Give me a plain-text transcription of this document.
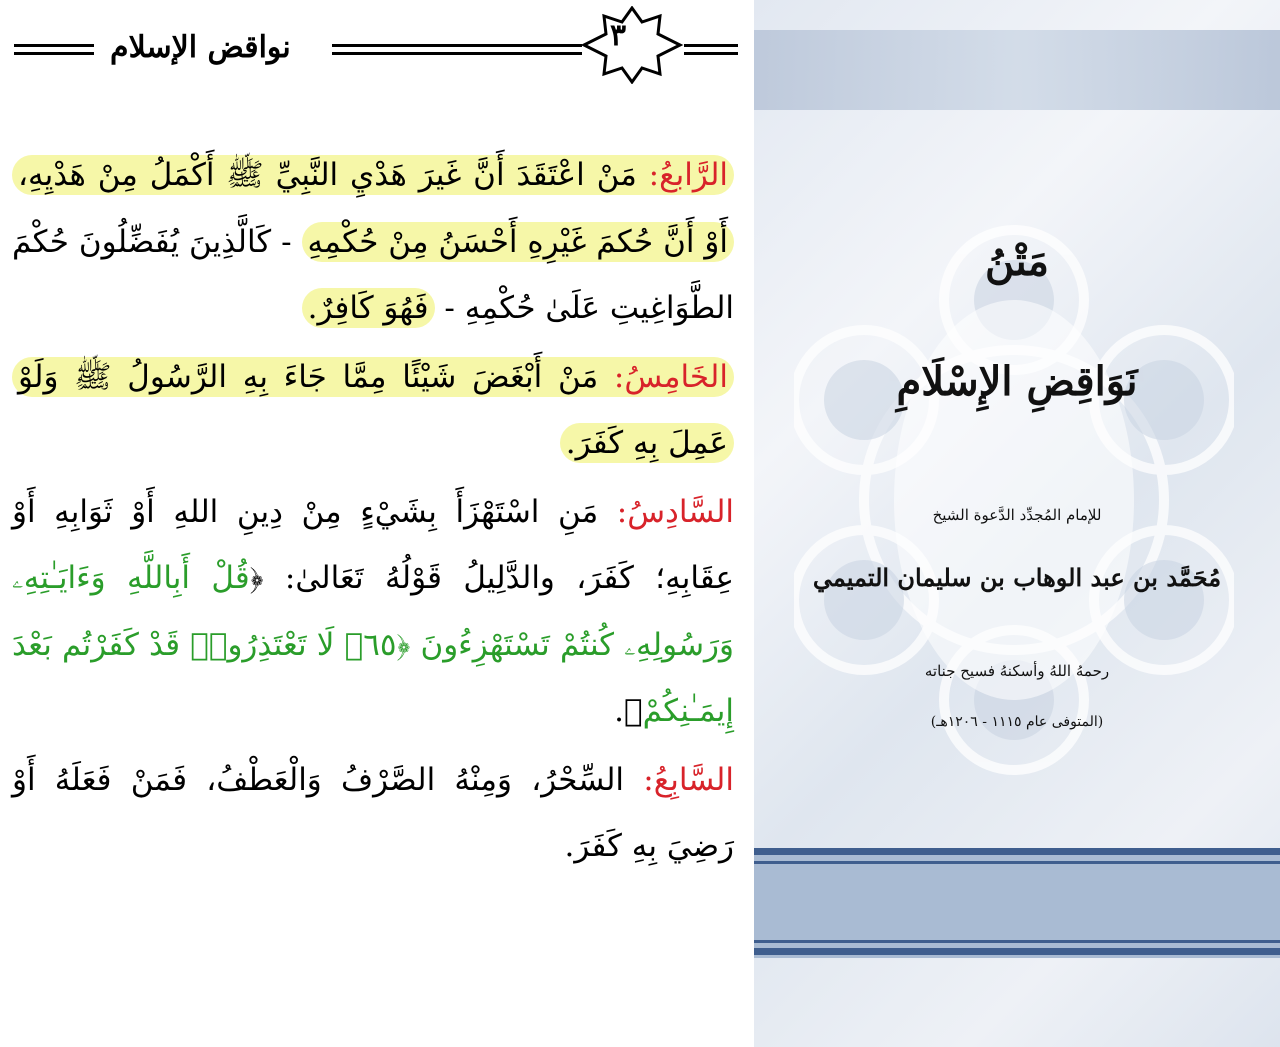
نواقض الإسلام	٣

الرَّابعُ: مَنْ اعْتَقَدَ أَنَّ غَيرَ هَدْيِ النَّبِيِّ ﷺ أَكْمَلُ مِنْ هَدْيِهِ، أَوْ أَنَّ حُكمَ غَيْرِهِ أَحْسَنُ مِنْ حُكْمِهِ - كَالَّذِينَ يُفَضِّلُونَ حُكْمَ الطَّوَاغِيتِ عَلَىٰ حُكْمِهِ - فَهُوَ كَافِرٌ.

الخَامِسُ: مَنْ أَبْغَضَ شَيْئًا مِمَّا جَاءَ بِهِ الرَّسُولُ ﷺ وَلَوْ عَمِلَ بِهِ كَفَرَ.

السَّادِسُ: مَنِ اسْتَهْزَأَ بِشَيْءٍ مِنْ دِينِ اللهِ أَوْ ثَوَابِهِ أَوْ عِقَابِهِ؛ كَفَرَ، والدَّلِيلُ قَوْلُهُ تَعَالىٰ: ﴿قُلْ أَبِاللَّهِ وَءَايَـٰتِهِۦ وَرَسُولِهِۦ كُنتُمْ تَسْتَهْزِءُونَ ﴿٦٥﴾ لَا تَعْتَذِرُوا۟ قَدْ كَفَرْتُم بَعْدَ إِيمَـٰنِكُمْ﴾.

السَّابِعُ: السِّحْرُ، وَمِنْهُ الصَّرْفُ وَالْعَطْفُ، فَمَنْ فَعَلَهُ أَوْ رَضِيَ بِهِ كَفَرَ.

مَتْنُ
نَوَاقِضِ الإِسْلَامِ
للإمام المُجدِّد الدَّعوة الشيخ
مُحَمَّد بن عبد الوهاب بن سليمان التميمي
رحمهُ اللهُ وأسكنهُ فسيح جناته
(المتوفى عام ١١١٥ - ١٢٠٦هـ)
